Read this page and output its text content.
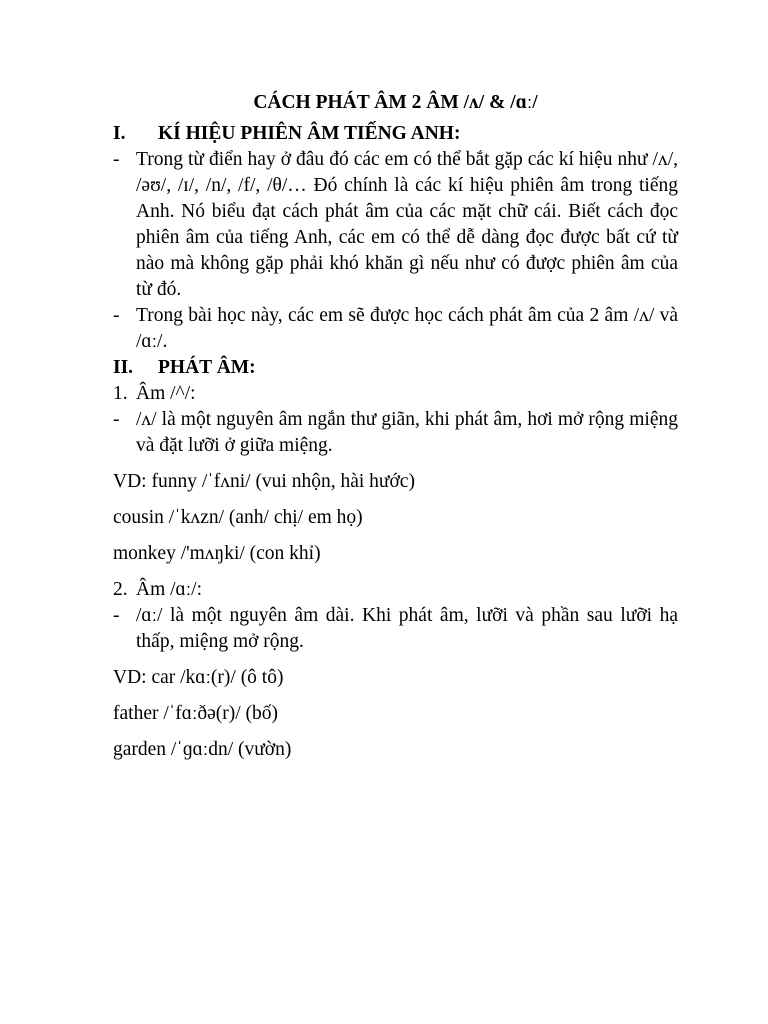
CÁCH PHÁT ÂM 2 ÂM /ʌ/ & /ɑː/
I.	KÍ HIỆU PHIÊN ÂM TIẾNG ANH:
- Trong từ điển hay ở đâu đó các em có thể bắt gặp các kí hiệu như /ʌ/, /əʊ/, /ɪ/, /n/, /f/, /θ/… Đó chính là các kí hiệu phiên âm trong tiếng Anh. Nó biểu đạt cách phát âm của các mặt chữ cái. Biết cách đọc phiên âm của tiếng Anh, các em có thể dễ dàng đọc được bất cứ từ nào mà không gặp phải khó khăn gì nếu như có được phiên âm của từ đó.
- Trong bài học này, các em sẽ được học cách phát âm của 2 âm /ʌ/ và /ɑː/.
II.	PHÁT ÂM:
1. Âm /^/:
- /ʌ/ là một nguyên âm ngắn thư giãn, khi phát âm, hơi mở rộng miệng và đặt lưỡi ở giữa miệng.
VD: funny /ˈfʌni/ (vui nhộn, hài hước)
cousin /ˈkʌzn/ (anh/ chị/ em họ)
monkey /'mʌŋki/ (con khỉ)
2. Âm /ɑː/:
- /ɑː/ là một nguyên âm dài. Khi phát âm, lưỡi và phần sau lưỡi hạ thấp, miệng mở rộng.
VD: car /kɑː(r)/ (ô tô)
father /ˈfɑːðə(r)/ (bố)
garden /ˈɡɑːdn/ (vườn)
